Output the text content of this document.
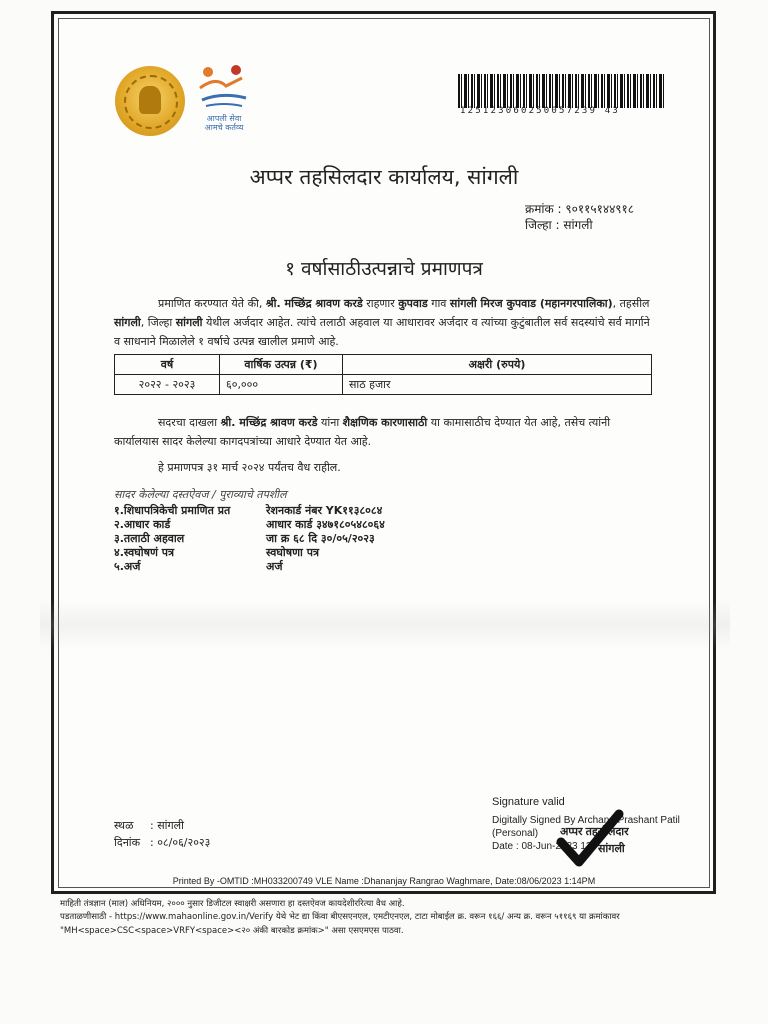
आपली सेवा
आमचे कर्तव्य
125123060250057239 43
अप्पर तहसिलदार कार्यालय, सांगली
क्रमांक : ९०११५१४४९१८
जिल्हा : सांगली
१ वर्षासाठीउत्पन्नाचे प्रमाणपत्र
प्रमाणित करण्यात येते की, श्री. मच्छिंद्र श्रावण करडे राहणार कुपवाड गाव सांगली मिरज कुपवाड (महानगरपालिका), तहसील सांगली, जिल्हा सांगली येथील अर्जदार आहेत. त्यांचे तलाठी अहवाल या आधारावर अर्जदार व त्यांच्या कुटुंबातील सर्व सदस्यांचे सर्व मार्गाने व साधनाने मिळालेले १ वर्षाचे उत्पन्न खालील प्रमाणे आहे.
वर्ष	वार्षिक उत्पन्न (₹)	अक्षरी (रुपये)
२०२२ - २०२३	६०,०००	साठ हजार
सदरचा दाखला श्री. मच्छिंद्र श्रावण करडे यांना शैक्षणिक कारणासाठी या कामासाठीच देण्यात येत आहे, तसेच त्यांनी कार्यालयास सादर केलेल्या कागदपत्रांच्या आधारे देण्यात येत आहे.
हे प्रमाणपत्र ३१ मार्च २०२४ पर्यंतच वैध राहील.
सादर केलेल्या दस्तऐवज / पुराव्याचे तपशील
१.शिधापत्रिकेची प्रमाणित प्रत	रेशनकार्ड नंबर YK११३८०८४
२.आधार कार्ड	आधार कार्ड ३४७१८०५४८०६४
३.तलाठी अहवाल	जा क्र ६८ दि ३०/०५/२०२३
४.स्वघोषणं पत्र	स्वघोषणा पत्र
५.अर्ज	अर्ज
Signature valid
Digitally Signed By Archana Prashant Patil
(Personal) अप्पर तहसीलदार
Date : 08-Jun-2023 13: सांगली
स्थळ : सांगली
दिनांक : ०८/०६/२०२३
Printed By -OMTID :MH033200749 VLE Name :Dhananjay Rangrao Waghmare, Date:08/06/2023 1:14PM
माहिती तंत्रज्ञान (माल) अधिनियम, २००० नुसार डिजीटल स्वाक्षरी असणारा हा दस्तऐवज कायदेशीररित्या वैध आहे.
पडताळणीसाठी - https://www.mahaonline.gov.in/Verify येथे भेट द्या किंवा बीएसएनएल, एमटीएनएल, टाटा मोबाईल क्र. वरून १६६/ अन्य क्र. वरून ५११६९ या क्रमांकावर
"MH<space>CSC<space>VRFY<space><२० अंकी बारकोड क्रमांक>" असा एसएमएस पाठवा.
